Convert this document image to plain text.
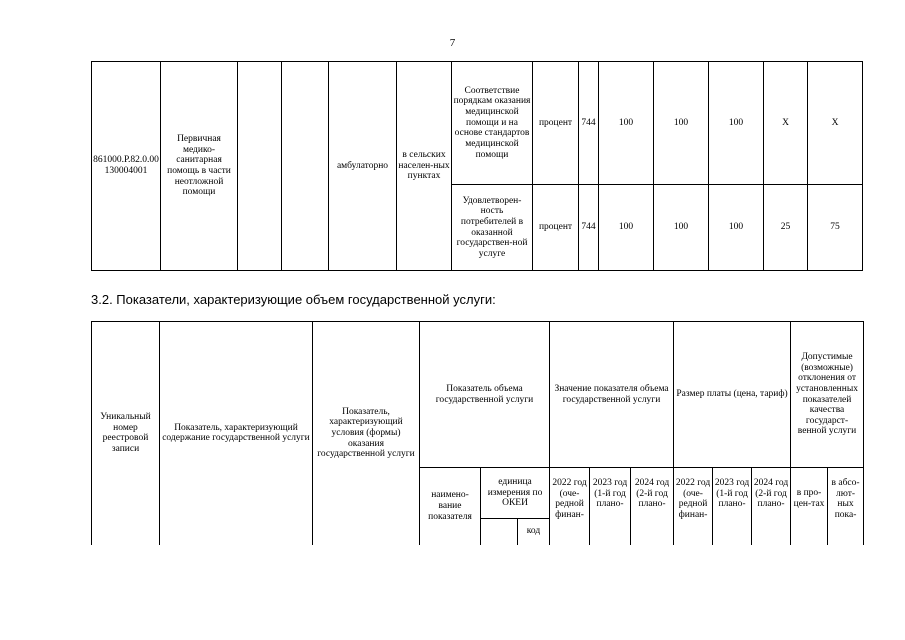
7
861000.Р.82.0.00130004001	Первичная медико-санитарная помощь в части неотложной помощи			амбулаторно	в сельских населен-ных пунктах	Соответствие порядкам оказания медицинской помощи и на основе стандартов медицинской помощи	процент	744	100	100	100	Х	Х
						Удовлетворен-ность потребителей в оказанной государствен-ной услуге	процент	744	100	100	100	25	75
3.2. Показатели, характеризующие объем государственной услуги:
Уникальный номер реестровой записи	Показатель, характеризующий содержание государственной услуги	Показатель, характеризующий условия (формы) оказания государственной услуги	Показатель объема государственной услуги			Значение показателя объема государственной услуги			Размер платы (цена, тариф)			Допустимые (возможные) отклонения от установленных показателей качества государст-венной услуги	
			наимено-вание показателя	единица измерения по ОКЕИ		2022 год (оче-редной финан-	2023 год (1-й год плано-	2024 год (2-й год плано-	2022 год (оче-редной финан-	2023 год (1-й год плано-	2024 год (2-й год плано-	в про-цен-тах	в абсо-лют-ных пока-
					код								
